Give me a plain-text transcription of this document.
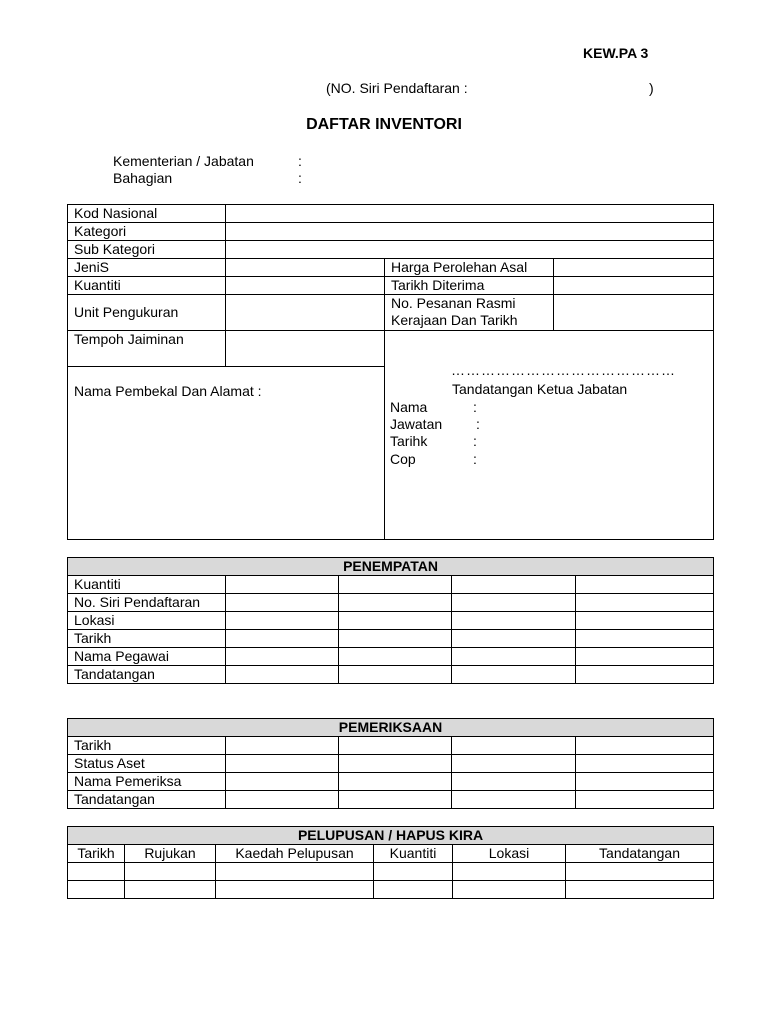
KEW.PA 3
(NO. Siri Pendaftaran :	)
DAFTAR INVENTORI
Kementerian / Jabatan	:
Bahagian	:
Kod Nasional			
Kategori			
Sub Kategori			
JeniS		Harga Perolehan Asal	
Kuantiti		Tarikh Diterima	
Unit Pengukuran		No. Pesanan Rasmi
Kerajaan Dan Tarikh	

Tempoh Jaiminan			
Nama Pembekal Dan Alamat :			
………………………………………
Tandatangan Ketua Jabatan
Nama	:
Jawatan :
Tarihk	:
Cop	:
PENEMPATAN				
Kuantiti				
No. Siri Pendaftaran				
Lokasi				
Tarikh				
Nama Pegawai				
Tandatangan				
PEMERIKSAAN				
Tarikh				
Status Aset				
Nama Pemeriksa				
Tandatangan				
PELUPUSAN / HAPUS KIRA					
Tarikh	Rujukan	Kaedah Pelupusan	Kuantiti	Lokasi	Tandatangan
